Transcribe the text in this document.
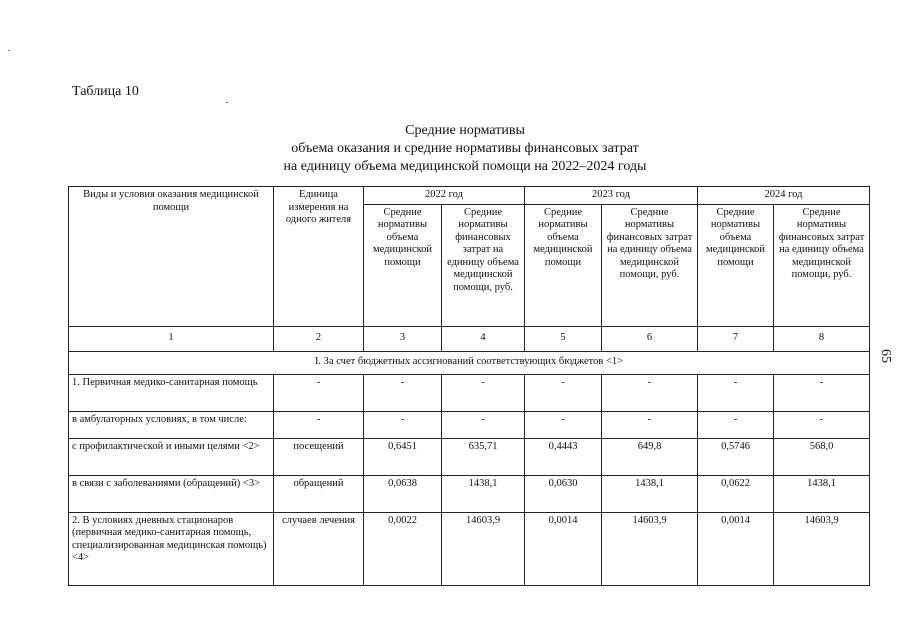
Таблица 10
Средние нормативы
объема оказания и средние нормативы финансовых затрат
на единицу объема медицинской помощи на 2022–2024 годы
65
Виды и условия оказания медицинской помощи	Единица измерения на одного жителя	2022 год		2023 год		2024 год	
		Средние нормативы объема медицинской помощи	Средние нормативы финансовых затрат на единицу объема медицинской помощи, руб.	Средние нормативы объема медицинской помощи	Средние нормативы финансовых затрат на единицу объема медицинской помощи, руб.	Средние нормативы объема медицинской помощи	Средние нормативы финансовых затрат на единицу объема медицинской помощи, руб.
1	2	3	4	5	6	7	8
I. За счет бюджетных ассигнований соответствующих бюджетов <1>							
1. Первичная медико-санитарная помощь	-	-	-	-	-	-	-
в амбулаторных условиях, в том числе:	-	-	-	-	-	-	-
с профилактической и иными целями <2>	посещений	0,6451	635,71	0,4443	649,8	0,5746	568,0
в связи с заболеваниями (обращений) <3>	обращений	0,0638	1438,1	0,0630	1438,1	0,0622	1438,1
2. В условиях дневных стационаров (первичная медико-санитарная помощь, специализированная медицинская помощь) <4>	случаев лечения	0,0022	14603,9	0,0014	14603,9	0,0014	14603,9
